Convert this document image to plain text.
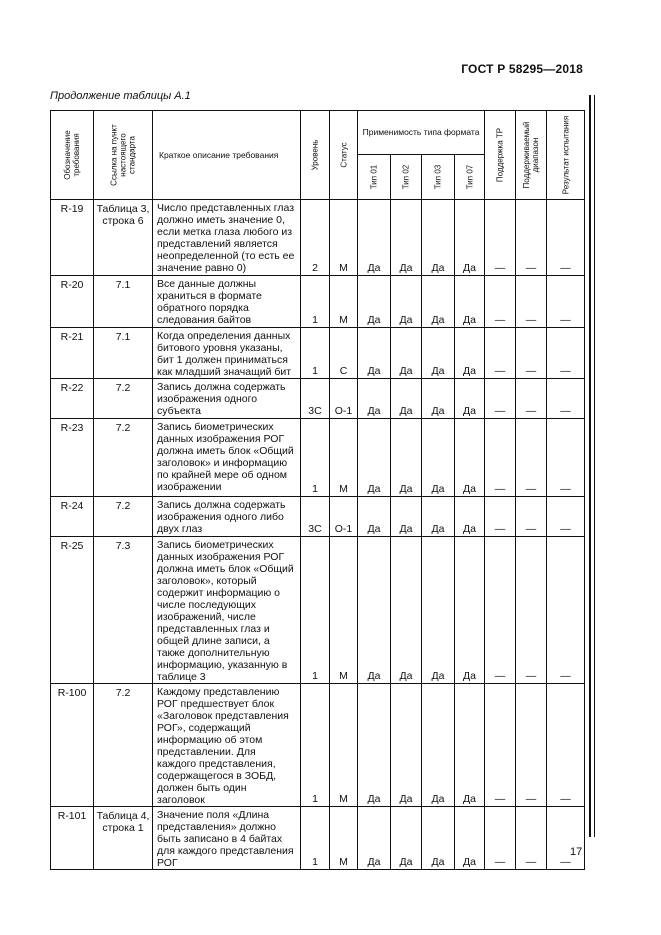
ГОСТ Р 58295—2018
Продолжение таблицы А.1
Обозначение требования	Ссылка на пункт настоящего стандарта	Краткое описание требования	Уровень	Статус	Применимость типа формата				Поддержка ТР	Поддерживаемый диапазон	Результат испытания

					Тип 01	Тип 02	Тип 03	Тип 07			

R-19	Таблица 3, строка 6	Число представленных глаз должно иметь значение 0, если метка глаза любого из представлений является неопределенной (то есть ее значение равно 0)	2	М	Да	Да	Да	Да	—	—	—
R-20	7.1	Все данные должны храниться в формате обратного порядка следования байтов	1	М	Да	Да	Да	Да	—	—	—
R-21	7.1	Когда определения данных битового уровня указаны, бит 1 должен приниматься как младший значащий бит	1	С	Да	Да	Да	Да	—	—	—
R-22	7.2	Запись должна содержать изображения одного субъекта	3С	О-1	Да	Да	Да	Да	—	—	—
R-23	7.2	Запись биометрических данных изображения РОГ должна иметь блок «Общий заголовок» и информацию по крайней мере об одном изображении	1	М	Да	Да	Да	Да	—	—	—
R-24	7.2	Запись должна содержать изображения одного либо двух глаз	3С	О-1	Да	Да	Да	Да	—	—	—
R-25	7.3	Запись биометрических данных изображения РОГ должна иметь блок «Общий заголовок», который содержит информацию о числе последующих изображений, числе представленных глаз и общей длине записи, а также дополнительную информацию, указанную в таблице 3	1	М	Да	Да	Да	Да	—	—	—
R-100	7.2	Каждому представлению РОГ предшествует блок «Заголовок представления РОГ», содержащий информацию об этом представлении. Для каждого представления, содержащегося в ЗОБД, должен быть один заголовок	1	М	Да	Да	Да	Да	—	—	—
R-101	Таблица 4, строка 1	Значение поля «Длина представления» должно быть записано в 4 байтах для каждого представления РОГ	1	М	Да	Да	Да	Да	—	—	—
17
